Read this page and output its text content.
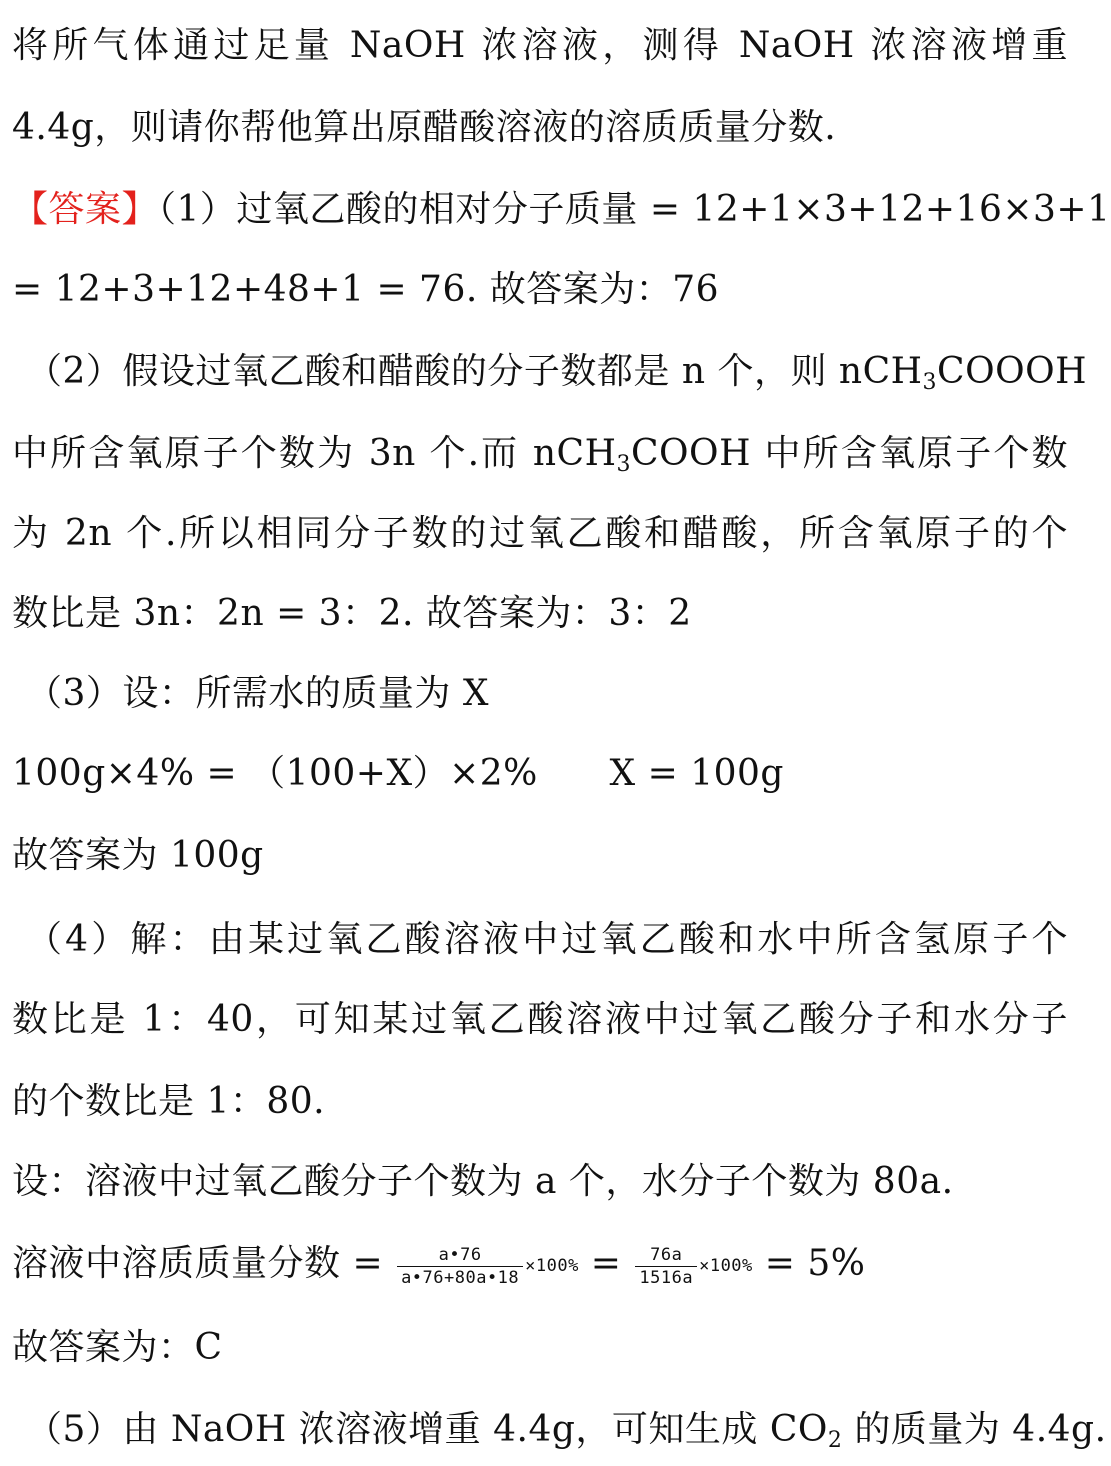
将所气体通过足量 NaOH 浓溶液，测得 NaOH 浓溶液增重
4.4g，则请你帮他算出原醋酸溶液的溶质质量分数.
【答案】（1）过氧乙酸的相对分子质量 = 12+1×3+12+16×3+1
= 12+3+12+48+1 = 76. 故答案为：76
（2）假设过氧乙酸和醋酸的分子数都是 n 个，则 nCH$_3$COOOH
中所含氧原子个数为 3n 个.而 nCH$_3$COOH 中所含氧原子个数
为 2n 个.所以相同分子数的过氧乙酸和醋酸，所含氧原子的个
数比是 3n：2n = 3：2. 故答案为：3：2
（3）设：所需水的质量为 X
100g×4% = （100+X）×2%      X = 100g
故答案为 100g
（4）解：由某过氧乙酸溶液中过氧乙酸和水中所含氢原子个
数比是 1：40，可知某过氧乙酸溶液中过氧乙酸分子和水分子
的个数比是 1：80.
设：溶液中过氧乙酸分子个数为 a 个，水分子个数为 80a.
溶液中溶质质量分数 = $\frac{a•76}{a•76+80a•18} \times 100\% = \frac{76a}{1516a} \times 100\% = 5\%$
故答案为：C
（5）由 NaOH 浓溶液增重 4.4g，可知生成 $CO_2$ 的质量为 4.4g.
